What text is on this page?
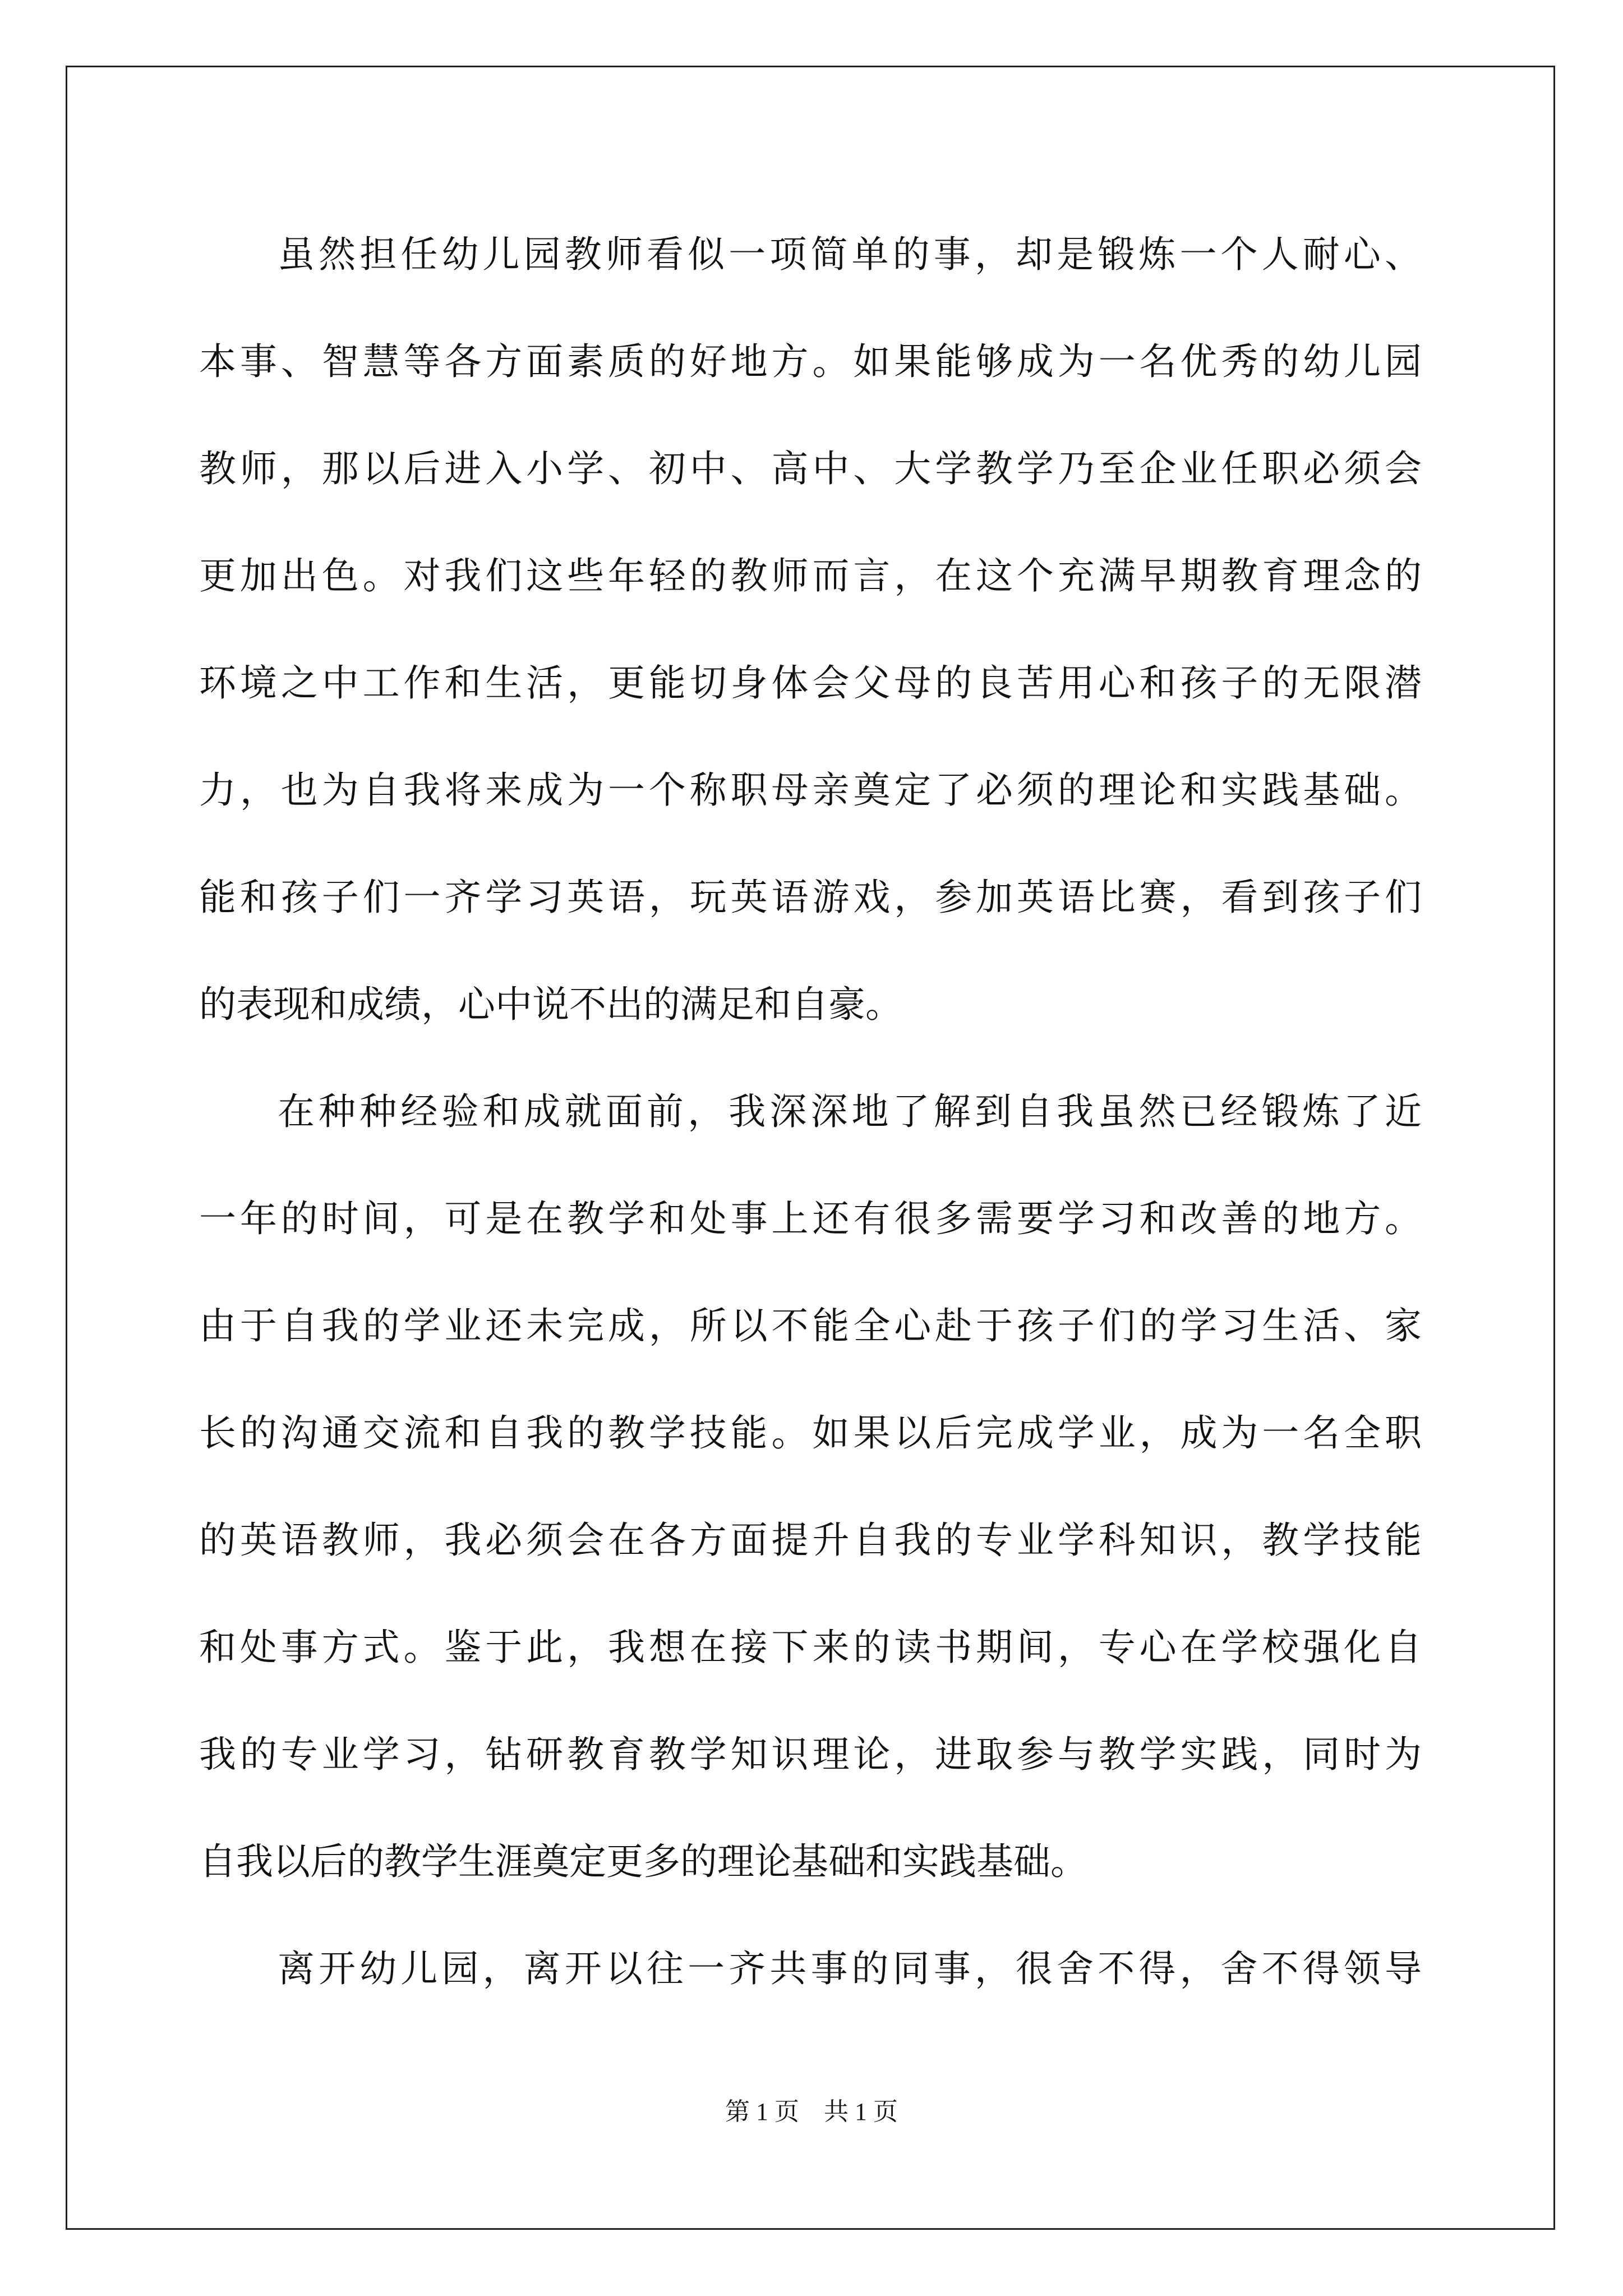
虽然担任幼儿园教师看似一项简单的事，却是锻炼一个人耐心、
本事、智慧等各方面素质的好地方。如果能够成为一名优秀的幼儿园
教师，那以后进入小学、初中、高中、大学教学乃至企业任职必须会
更加出色。对我们这些年轻的教师而言，在这个充满早期教育理念的
环境之中工作和生活，更能切身体会父母的良苦用心和孩子的无限潜
力，也为自我将来成为一个称职母亲奠定了必须的理论和实践基础。
能和孩子们一齐学习英语，玩英语游戏，参加英语比赛，看到孩子们
的表现和成绩，心中说不出的满足和自豪。
在种种经验和成就面前，我深深地了解到自我虽然已经锻炼了近
一年的时间，可是在教学和处事上还有很多需要学习和改善的地方。
由于自我的学业还未完成，所以不能全心赴于孩子们的学习生活、家
长的沟通交流和自我的教学技能。如果以后完成学业，成为一名全职
的英语教师，我必须会在各方面提升自我的专业学科知识，教学技能
和处事方式。鉴于此，我想在接下来的读书期间，专心在学校强化自
我的专业学习，钻研教育教学知识理论，进取参与教学实践，同时为
自我以后的教学生涯奠定更多的理论基础和实践基础。
离开幼儿园，离开以往一齐共事的同事，很舍不得，舍不得领导
第 1 页    共 1 页
